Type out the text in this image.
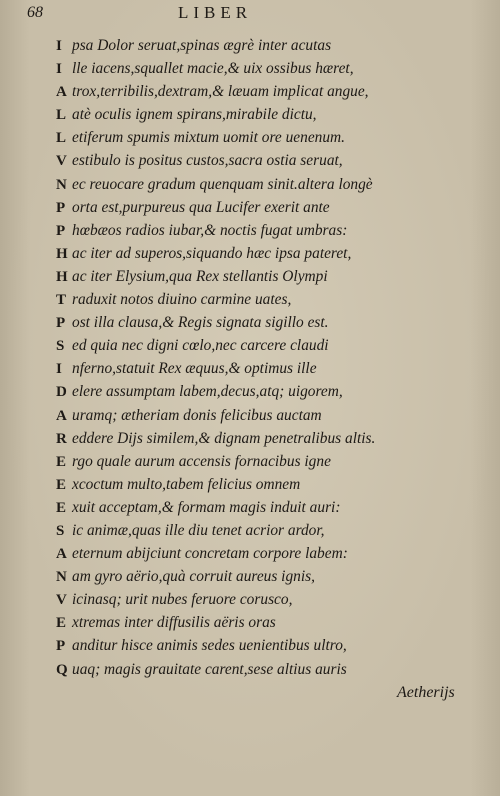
68	LIBER
I psa Dolor seruat,spinas ægrè inter acutas
I lle iacens,squallet macie,& uix ossibus hæret,
A trox,terribilis,dextram,& læuam implicat angue,
L atè oculis ignem spirans,mirabile dictu,
L etiferum spumis mixtum uomit ore uenenum.
V estibulo is positus custos,sacra ostia seruat,
N ec reuocare gradum quenquam sinit.altera longè
P orta est,purpureus qua Lucifer exerit ante
P hœbæos radios iubar,& noctis fugat umbras:
H ac iter ad superos,siquando hæc ipsa pateret,
H ac iter Elysium,qua Rex stellantis Olympi
T raduxit notos diuino carmine uates,
P ost illa clausa,& Regis signata sigillo est.
S ed quia nec digni cœlo,nec carcere claudi
I nferno,statuit Rex æquus,& optimus ille
D elere assumptam labem,decus,atq; uigorem,
A uramq; ætheriam donis felicibus auctam
R eddere Dijs similem,& dignam penetralibus altis.
E rgo quale aurum accensis fornacibus igne
E xcoctum multo,tabem felicius omnem
E xuit acceptam,& formam magis induit auri:
S ic animæ,quas ille diu tenet acrior ardor,
A eternum abijciunt concretam corpore labem:
N am gyro aërio,quà corruit aureus ignis,
V icinasq; urit nubes feruore corusco,
E xtremas inter diffusilis aëris oras
P anditur hisce animis sedes uenientibus ultro,
Q uaq; magis grauitate carent,sese altius auris
Aetherijs
